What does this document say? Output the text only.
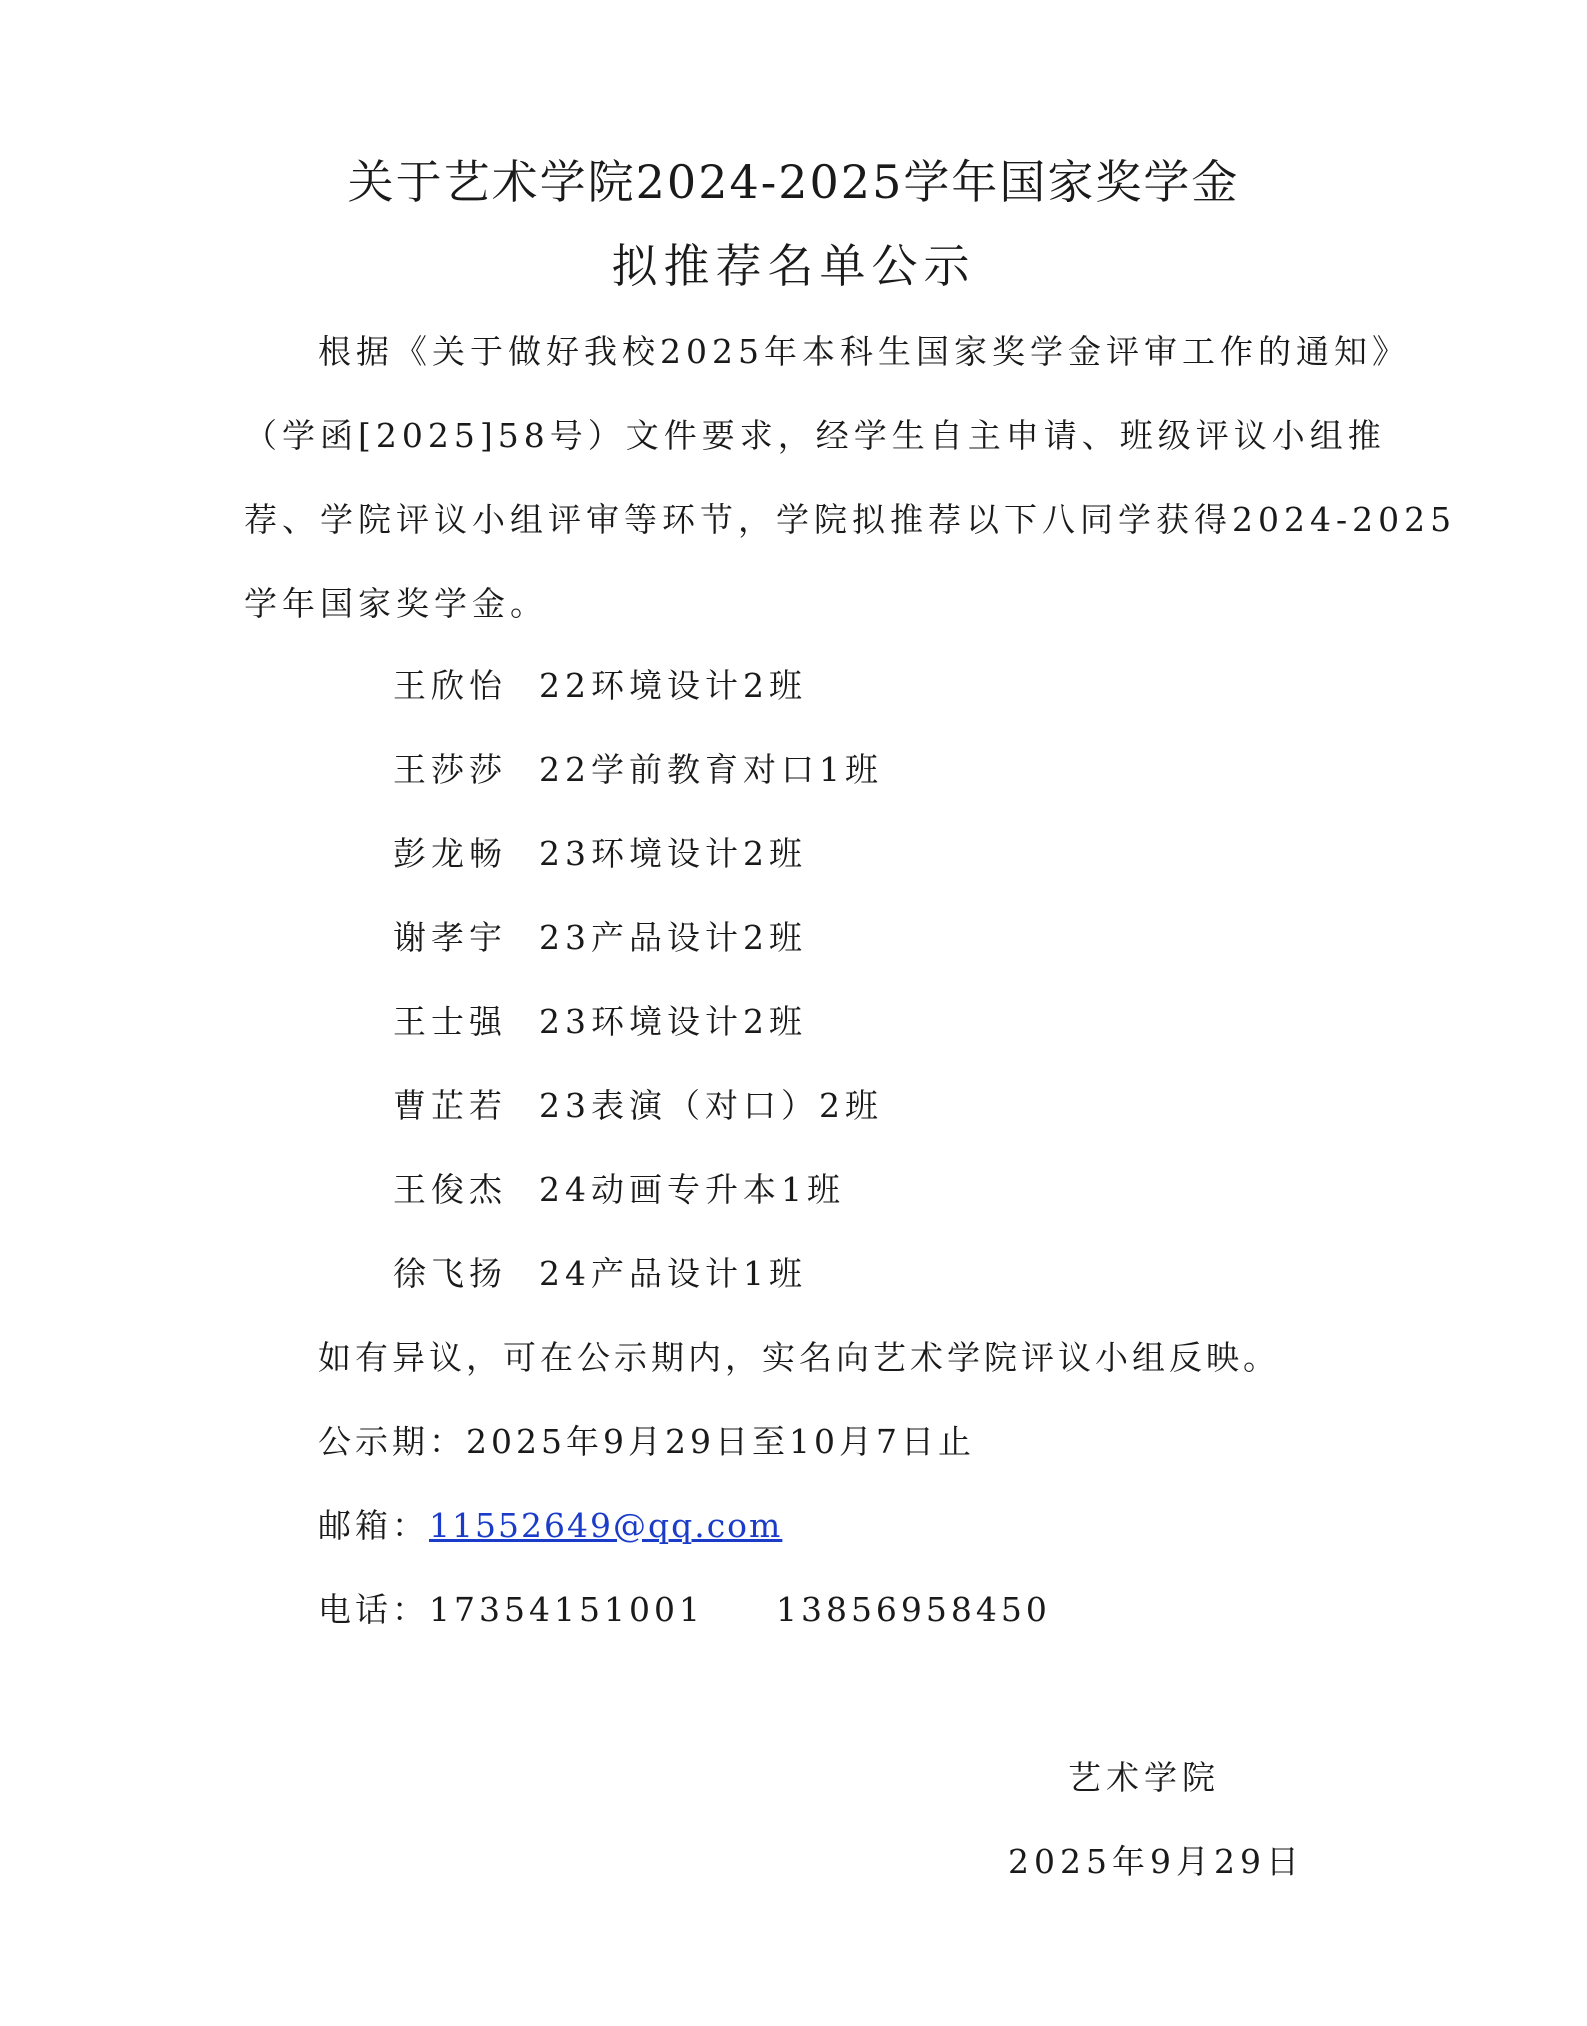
关于艺术学院2024-2025学年国家奖学金
拟推荐名单公示
根据《关于做好我校2025年本科生国家奖学金评审工作的通知》
（学函[2025]58号）文件要求，经学生自主申请、班级评议小组推
荐、学院评议小组评审等环节，学院拟推荐以下八同学获得2024-2025
学年国家奖学金。
王欣怡 22环境设计2班
王莎莎 22学前教育对口1班
彭龙畅 23环境设计2班
谢孝宇 23产品设计2班
王士强 23环境设计2班
曹芷若 23表演（对口）2班
王俊杰 24动画专升本1班
徐飞扬 24产品设计1班
如有异议，可在公示期内，实名向艺术学院评议小组反映。
公示期：2025年9月29日至10月7日止
邮箱：11552649@qq.com
电话：17354151001 13856958450
艺术学院
2025年9月29日
